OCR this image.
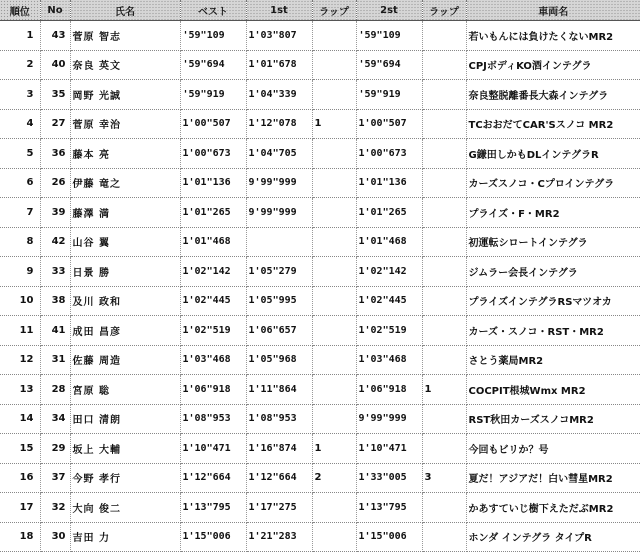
順位	No	氏名	ベスト	1st	ラップ	2st	ラップ	車両名
1	43	菅原 智志	'59"109	1'03"807		'59"109		若いもんには負けたくないMR2
2	40	奈良 英文	'59"694	1'01"678		'59"694		CPJボディKO酒インテグラ
3	35	岡野 光誠	'59"919	1'04"339		'59"919		奈良整脱離番長大森インテグラ
4	27	菅原 幸治	1'00"507	1'12"078	1	1'00"507		TCおおだてCAR'Sスノコ MR2
5	36	藤本 亮	1'00"673	1'04"705		1'00"673		G鎌田しかもDLインテグラR
6	26	伊藤 竜之	1'01"136	9'99"999		1'01"136		カーズスノコ・Cプロインテグラ
7	39	藤澤 満	1'01"265	9'99"999		1'01"265		プライズ・F・MR2
8	42	山谷 翼	1'01"468			1'01"468		初運転シロートインテグラ
9	33	日景 勝	1'02"142	1'05"279		1'02"142		ジムラー会長インテグラ
10	38	及川 政和	1'02"445	1'05"995		1'02"445		プライズインテグラRSマツオカ
11	41	成田 昌彦	1'02"519	1'06"657		1'02"519		カーズ・スノコ・RST・MR2
12	31	佐藤 周造	1'03"468	1'05"968		1'03"468		さとう薬局MR2
13	28	宮原 聡	1'06"918	1'11"864		1'06"918	1	COCPIT根城Wmx MR2
14	34	田口 清朗	1'08"953	1'08"953		9'99"999		RST秋田カーズスノコMR2
15	29	坂上 大輔	1'10"471	1'16"874	1	1'10"471		今回もビリか？号
16	37	今野 孝行	1'12"664	1'12"664	2	1'33"005	3	夏だ！アジアだ！白い彗星MR2
17	32	大向 俊二	1'13"795	1'17"275		1'13"795		かあすていじ樹下えただぶMR2
18	30	吉田 力	1'15"006	1'21"283		1'15"006		ホンダ インテグラ タイプR
